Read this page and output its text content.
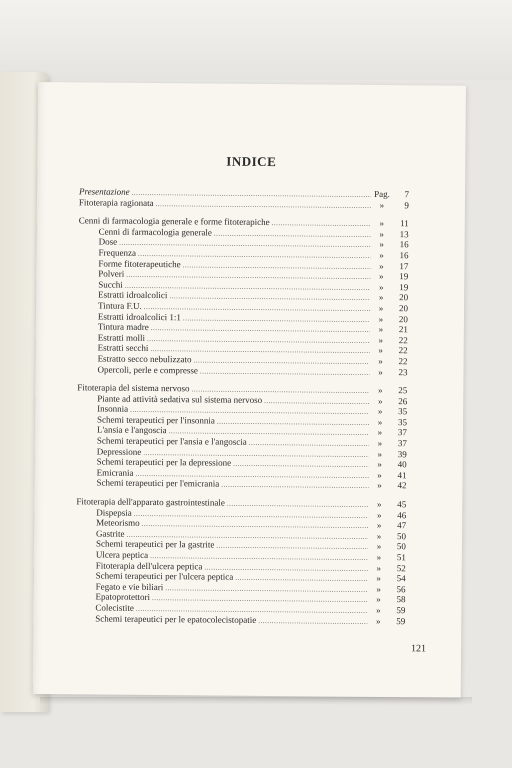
INDICE
Presentazione .....	Pag.	7
Fitoterapia ragionata .....	»	9
Cenni di farmacologia generale e forme fitoterapiche .....	»	11
Cenni di farmacologia generale .....	»	13
Dose .....	»	16
Frequenza .....	»	16
Forme fitoterapeutiche .....	»	17
Polveri .....	»	19
Succhi .....	»	19
Estratti idroalcolici .....	»	20
Tintura F.U. .....	»	20
Estratti idroalcolici 1:1 .....	»	20
Tintura madre .....	»	21
Estratti molli .....	»	22
Estratti secchi .....	»	22
Estratto secco nebulizzato .....	»	22
Opercoli, perle e compresse .....	»	23
Fitoterapia del sistema nervoso .....	»	25
Piante ad attività sedativa sul sistema nervoso .....	»	26
Insonnia .....	»	35
Schemi terapeutici per l'insonnia .....	»	35
L'ansia e l'angoscia .....	»	37
Schemi terapeutici per l'ansia e l'angoscia .....	»	37
Depressione .....	»	39
Schemi terapeutici per la depressione .....	»	40
Emicrania .....	»	41
Schemi terapeutici per l'emicrania .....	»	42
Fitoterapia dell'apparato gastrointestinale .....	»	45
Dispepsia .....	»	46
Meteorismo .....	»	47
Gastrite .....	»	50
Schemi terapeutici per la gastrite .....	»	50
Ulcera peptica .....	»	51
Fitoterapia dell'ulcera peptica .....	»	52
Schemi terapeutici per l'ulcera peptica .....	»	54
Fegato e vie biliari .....	»	56
Epatoprotettori .....	»	58
Colecistite .....	»	59
Schemi terapeutici per le epatocolecistopatie .....	»	59
121
